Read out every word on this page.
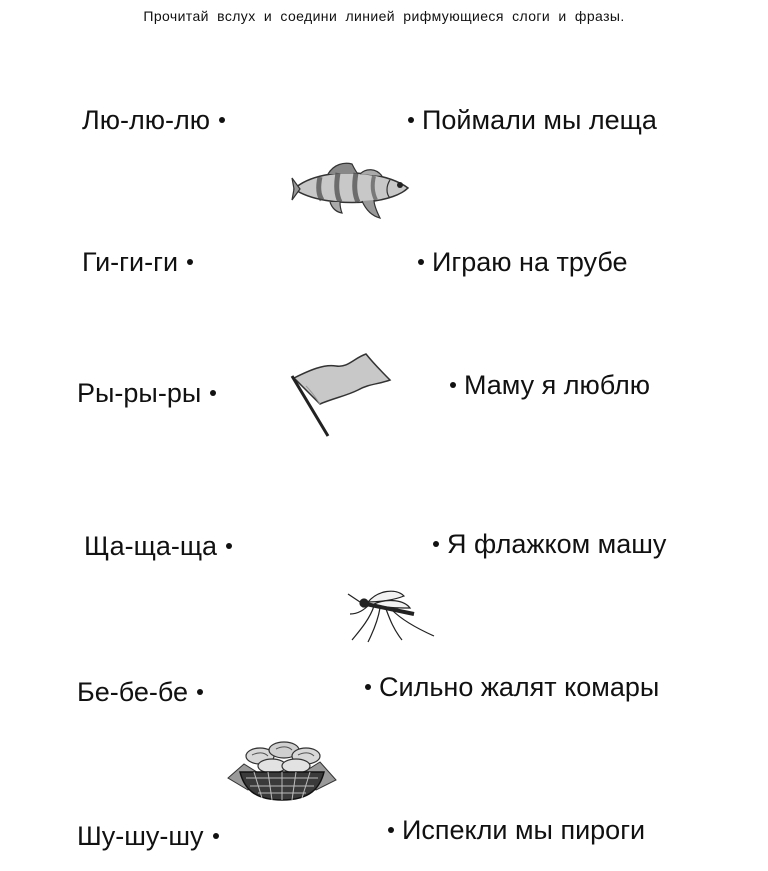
Прочитай вслух и соедини линией рифмующиеся слоги и фразы.
Лю-лю-лю
Ги-ги-ги
Ры-ры-ры
Ща-ща-ща
Бе-бе-бе
Шу-шу-шу
Поймали мы леща
Играю на трубе
Маму я люблю
Я флажком машу
Сильно жалят комары
Испекли мы пироги
